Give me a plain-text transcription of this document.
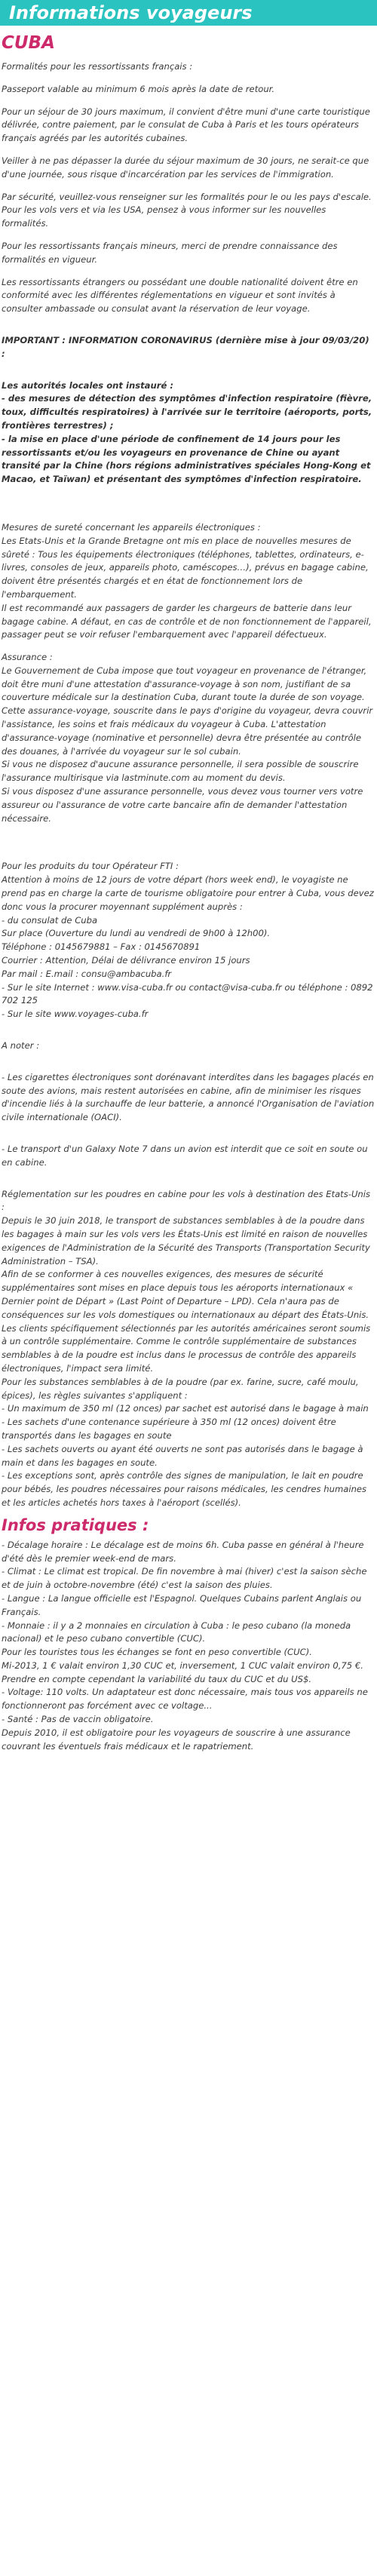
Informations voyageurs
CUBA

Formalités pour les ressortissants français :

Passeport valable au minimum 6 mois après la date de retour.

Pour un séjour de 30 jours maximum, il convient d'être muni d'une carte touristique délivrée, contre paiement, par le consulat de Cuba à Paris et les tours opérateurs français agréés par les autorités cubaines.

Veiller à ne pas dépasser la durée du séjour maximum de 30 jours, ne serait-ce que d'une journée, sous risque d'incarcération par les services de l'immigration.

Par sécurité, veuillez-vous renseigner sur les formalités pour le ou les pays d'escale.
Pour les vols vers et via les USA, pensez à vous informer sur les nouvelles formalités.

Pour les ressortissants français mineurs, merci de prendre connaissance des formalités en vigueur.

Les ressortissants étrangers ou possédant une double nationalité doivent être en conformité avec les différentes réglementations en vigueur et sont invités à consulter ambassade ou consulat avant la réservation de leur voyage.

IMPORTANT : INFORMATION CORONAVIRUS (dernière mise à jour 09/03/20) :

Les autorités locales ont instauré :
- des mesures de détection des symptômes d'infection respiratoire (fièvre, toux, difficultés respiratoires) à l'arrivée sur le territoire (aéroports, ports, frontières terrestres) ;
- la mise en place d'une période de confinement de 14 jours pour les ressortissants et/ou les voyageurs en provenance de Chine ou ayant transité par la Chine (hors régions administratives spéciales Hong-Kong et Macao, et Taïwan) et présentant des symptômes d'infection respiratoire.

Mesures de sureté concernant les appareils électroniques :
Les Etats-Unis et la Grande Bretagne ont mis en place de nouvelles mesures de sûreté : Tous les équipements électroniques (téléphones, tablettes, ordinateurs, e-livres, consoles de jeux, appareils photo, caméscopes…), prévus en bagage cabine, doivent être présentés chargés et en état de fonctionnement lors de l'embarquement.
Il est recommandé aux passagers de garder les chargeurs de batterie dans leur bagage cabine. A défaut, en cas de contrôle et de non fonctionnement de l'appareil, passager peut se voir refuser l'embarquement avec l'appareil défectueux.

Assurance :
Le Gouvernement de Cuba impose que tout voyageur en provenance de l'étranger, doit être muni d'une attestation d'assurance-voyage à son nom, justifiant de sa couverture médicale sur la destination Cuba, durant toute la durée de son voyage. Cette assurance-voyage, souscrite dans le pays d'origine du voyageur, devra couvrir l'assistance, les soins et frais médicaux du voyageur à Cuba. L'attestation d'assurance-voyage (nominative et personnelle) devra être présentée au contrôle des douanes, à l'arrivée du voyageur sur le sol cubain.
Si vous ne disposez d'aucune assurance personnelle, il sera possible de souscrire l'assurance multirisque via lastminute.com au moment du devis.
Si vous disposez d'une assurance personnelle, vous devez vous tourner vers votre assureur ou l'assurance de votre carte bancaire afin de demander l'attestation nécessaire.

Pour les produits du tour Opérateur FTI :
Attention à moins de 12 jours de votre départ (hors week end), le voyagiste ne prend pas en charge la carte de tourisme obligatoire pour entrer à Cuba, vous devez donc vous la procurer moyennant supplément auprès :
- du consulat de Cuba
Sur place (Ouverture du lundi au vendredi de 9h00 à 12h00).
Téléphone : 0145679881 – Fax : 0145670891
Courrier : Attention, Délai de délivrance environ 15 jours
Par mail : E.mail : consu@ambacuba.fr
- Sur le site Internet : www.visa-cuba.fr ou contact@visa-cuba.fr ou téléphone : 0892 702 125
- Sur le site www.voyages-cuba.fr

A noter :

- Les cigarettes électroniques sont dorénavant interdites dans les bagages placés en soute des avions, mais restent autorisées en cabine, afin de minimiser les risques d'incendie liés à la surchauffe de leur batterie, a annoncé l'Organisation de l'aviation civile internationale (OACI).

- Le transport d'un Galaxy Note 7 dans un avion est interdit que ce soit en soute ou en cabine.

Réglementation sur les poudres en cabine pour les vols à destination des Etats-Unis :
Depuis le 30 juin 2018, le transport de substances semblables à de la poudre dans les bagages à main sur les vols vers les États-Unis est limité en raison de nouvelles exigences de l'Administration de la Sécurité des Transports (Transportation Security Administration – TSA).
Afin de se conformer à ces nouvelles exigences, des mesures de sécurité supplémentaires sont mises en place depuis tous les aéroports internationaux « Dernier point de Départ » (Last Point of Departure – LPD). Cela n'aura pas de conséquences sur les vols domestiques ou internationaux au départ des États-Unis.
Les clients spécifiquement sélectionnés par les autorités américaines seront soumis à un contrôle supplémentaire. Comme le contrôle supplémentaire de substances semblables à de la poudre est inclus dans le processus de contrôle des appareils électroniques, l'impact sera limité.
Pour les substances semblables à de la poudre (par ex. farine, sucre, café moulu, épices), les règles suivantes s'appliquent :
- Un maximum de 350 ml (12 onces) par sachet est autorisé dans le bagage à main
- Les sachets d'une contenance supérieure à 350 ml (12 onces) doivent être transportés dans les bagages en soute
- Les sachets ouverts ou ayant été ouverts ne sont pas autorisés dans le bagage à main et dans les bagages en soute.
- Les exceptions sont, après contrôle des signes de manipulation, le lait en poudre pour bébés, les poudres nécessaires pour raisons médicales, les cendres humaines et les articles achetés hors taxes à l'aéroport (scellés).

Infos pratiques :

- Décalage horaire : Le décalage est de moins 6h. Cuba passe en général à l'heure d'été dès le premier week-end de mars.
- Climat : Le climat est tropical. De fin novembre à mai (hiver) c'est la saison sèche et de juin à octobre-novembre (été) c'est la saison des pluies.
- Langue : La langue officielle est l'Espagnol. Quelques Cubains parlent Anglais ou Français.
- Monnaie : il y a 2 monnaies en circulation à Cuba : le peso cubano (la moneda nacional) et le peso cubano convertible (CUC).
Pour les touristes tous les échanges se font en peso convertible (CUC).
Mi-2013, 1 € valait environ 1,30 CUC et, inversement, 1 CUC valait environ 0,75 €. Prendre en compte cependant la variabilité du taux du CUC et du US$.
- Voltage: 110 volts. Un adaptateur est donc nécessaire, mais tous vos appareils ne fonctionneront pas forcément avec ce voltage...
- Santé : Pas de vaccin obligatoire.
Depuis 2010, il est obligatoire pour les voyageurs de souscrire à une assurance couvrant les éventuels frais médicaux et le rapatriement.
